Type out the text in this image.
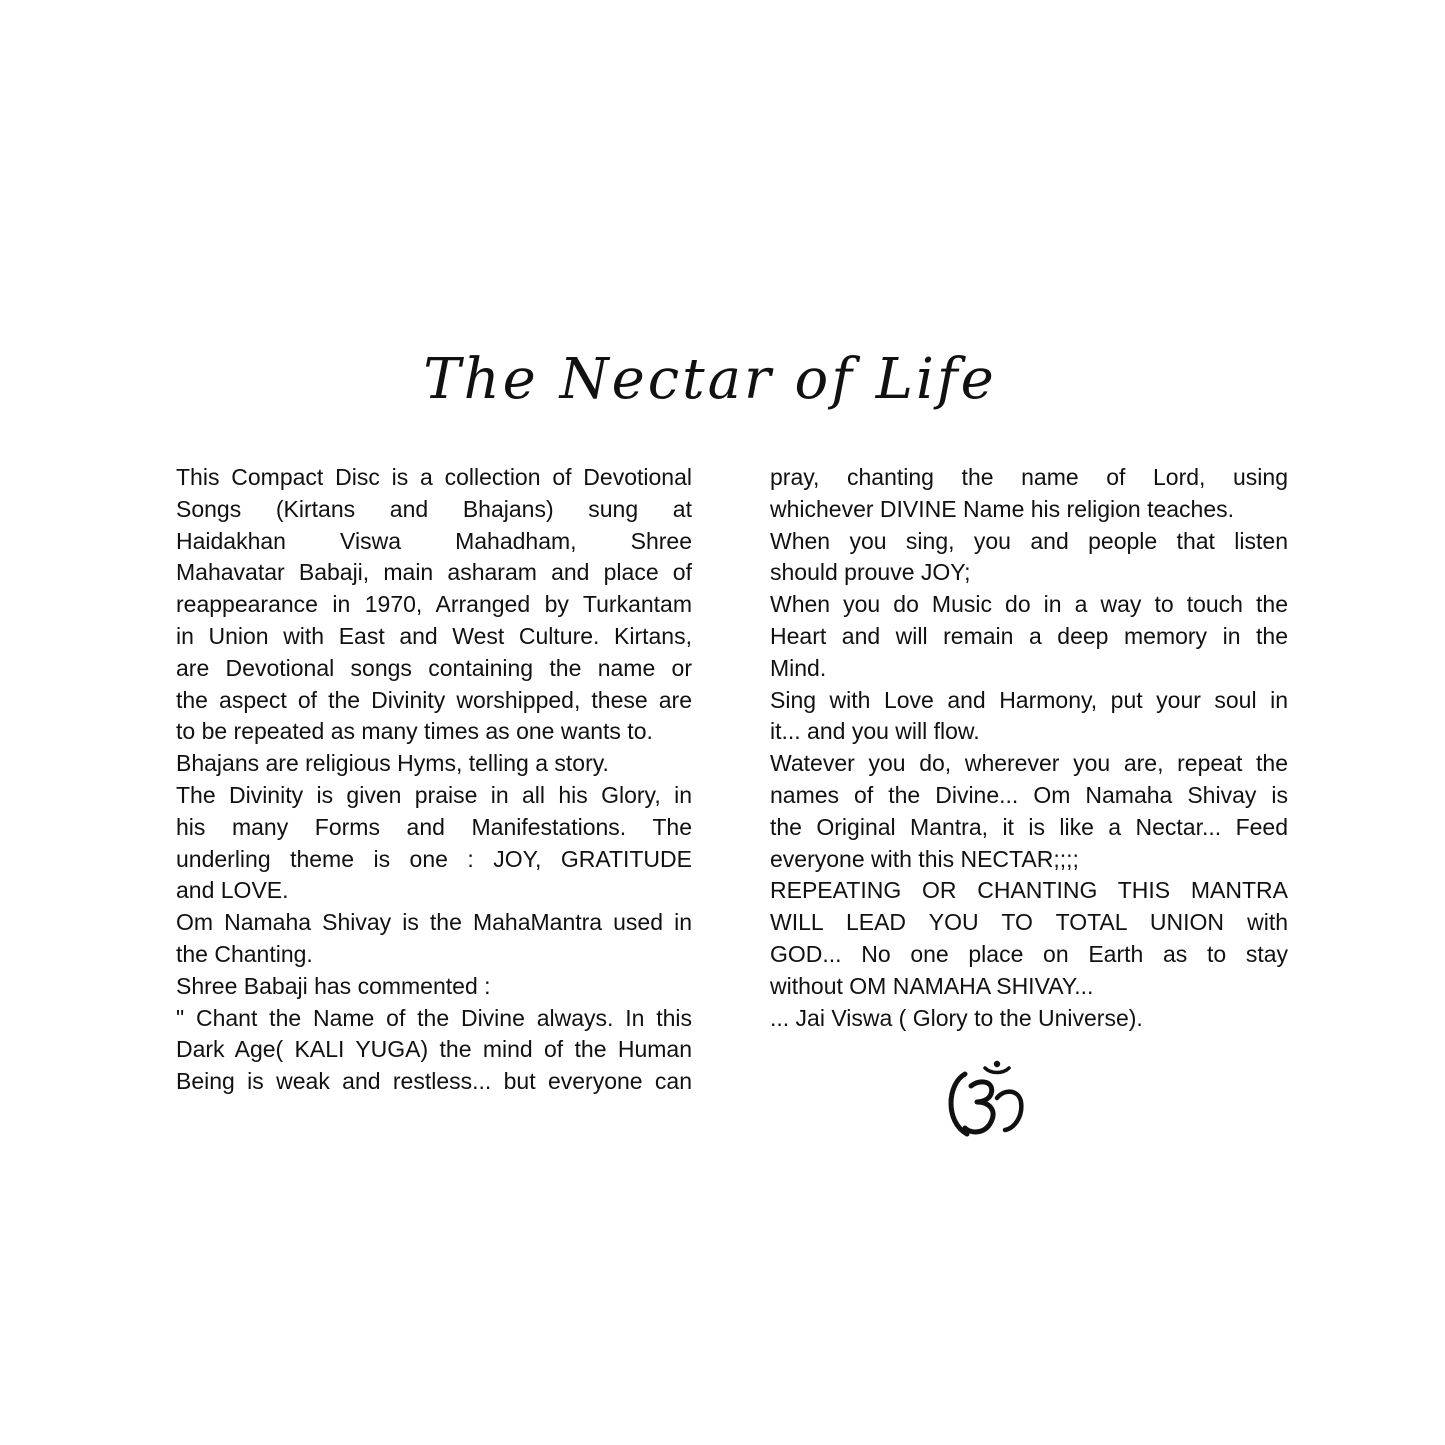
The Nectar of Life
This Compact Disc is a collection of Devotional
Songs (Kirtans and Bhajans) sung at
Haidakhan Viswa Mahadham, Shree
Mahavatar Babaji, main asharam and place of
reappearance in 1970, Arranged by Turkantam
in Union with East and West Culture. Kirtans,
are Devotional songs containing the name or
the aspect of the Divinity worshipped, these are
to be repeated as many times as one wants to.
Bhajans are religious Hyms, telling a story.
The Divinity is given praise in all his Glory, in
his many Forms and Manifestations. The
underling theme is one : JOY, GRATITUDE
and LOVE.
Om Namaha Shivay is the MahaMantra used in
the Chanting.
Shree Babaji has commented :
" Chant the Name of the Divine always. In this
Dark Age( KALI YUGA) the mind of the Human
Being is weak and restless... but everyone can
pray, chanting the name of Lord, using
whichever DIVINE Name his religion teaches.
When you sing, you and people that listen
should prouve JOY;
When you do Music do in a way to touch the
Heart and will remain a deep memory in the
Mind.
Sing with Love and Harmony, put your soul in
it... and you will flow.
Watever you do, wherever you are, repeat the
names of the Divine... Om Namaha Shivay is
the Original Mantra, it is like a Nectar... Feed
everyone with this NECTAR;;;;
REPEATING OR CHANTING THIS MANTRA
WILL LEAD YOU TO TOTAL UNION with
GOD... No one place on Earth as to stay
without OM NAMAHA SHIVAY...
... Jai Viswa ( Glory to the Universe).
